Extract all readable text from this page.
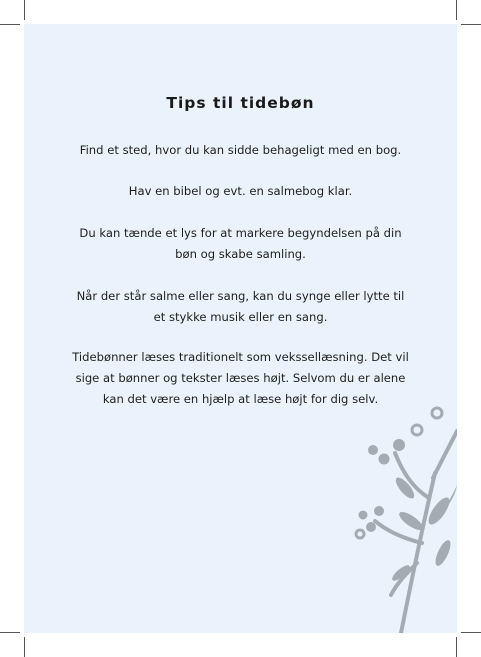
Tips til tidebøn
Find et sted, hvor du kan sidde behageligt med en bog.
Hav en bibel og evt. en salmebog klar.
Du kan tænde et lys for at markere begyndelsen på din
bøn og skabe samling.
Når der står salme eller sang, kan du synge eller lytte til
et stykke musik eller en sang.
Tidebønner læses traditionelt som vekssellæsning. Det vil
sige at bønner og tekster læses højt. Selvom du er alene
kan det være en hjælp at læse højt for dig selv.
